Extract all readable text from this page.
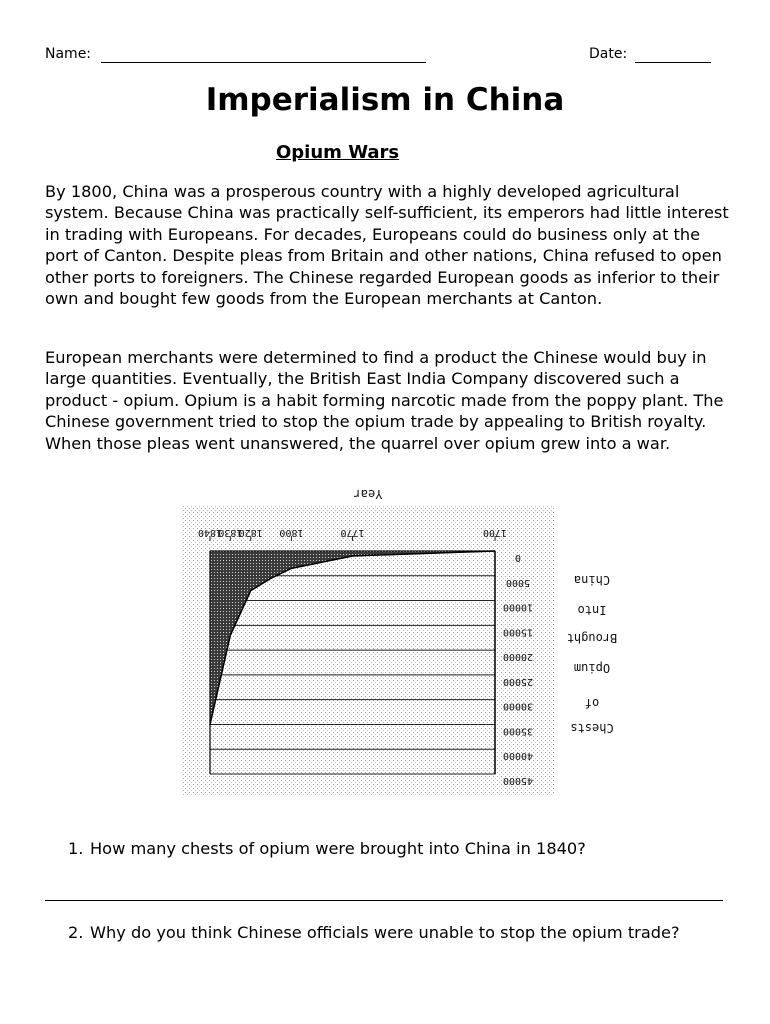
Name:	Date:
Imperialism in China
Opium Wars

By 1800, China was a prosperous country with a highly developed agricultural system. Because China was practically self-sufficient, its emperors had little interest in trading with Europeans. For decades, Europeans could do business only at the port of Canton. Despite pleas from Britain and other nations, China refused to open other ports to foreigners. The Chinese regarded European goods as inferior to their own and bought few goods from the European merchants at Canton.

European merchants were determined to find a product the Chinese would buy in large quantities. Eventually, the British East India Company discovered such a product - opium. Opium is a habit forming narcotic made from the poppy plant. The Chinese government tried to stop the opium trade by appealing to British royalty. When those pleas went unanswered, the quarrel over opium grew into a war.

0
5000
10000
15000
20000
25000
30000
35000
40000
45000
1700
1770
1800
1820
1830
1840
Year
Chests
of
Opium
Brought
Into
China
1. How many chests of opium were brought into China in 1840?
2. Why do you think Chinese officials were unable to stop the opium trade?
